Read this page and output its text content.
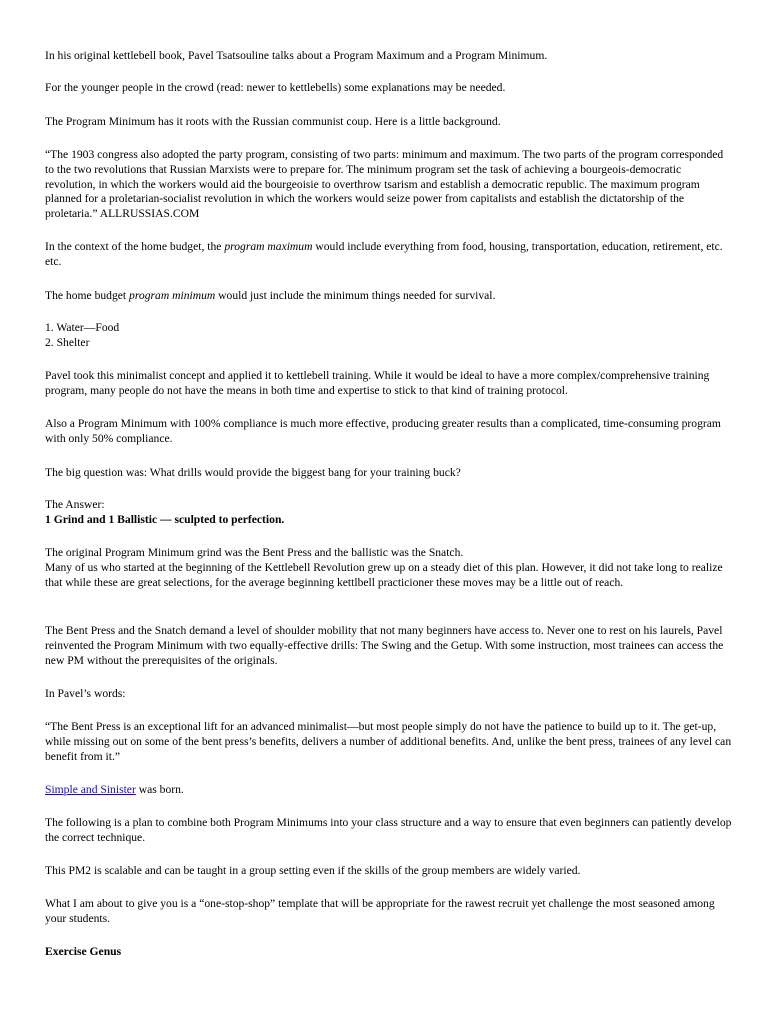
In his original kettlebell book, Pavel Tsatsouline talks about a Program Maximum and a Program Minimum.

For the younger people in the crowd (read: newer to kettlebells) some explanations may be needed.

The Program Minimum has it roots with the Russian communist coup. Here is a little background.

“The 1903 congress also adopted the party program, consisting of two parts: minimum and maximum. The two parts of the program corresponded to the two revolutions that Russian Marxists were to prepare for. The minimum program set the task of achieving a bourgeois-democratic revolution, in which the workers would aid the bourgeoisie to overthrow tsarism and establish a democratic republic. The maximum program planned for a proletarian-socialist revolution in which the workers would seize power from capitalists and establish the dictatorship of the proletaria.” ALLRUSSIAS.COM

In the context of the home budget, the program maximum would include everything from food, housing, transportation, education, retirement, etc. etc.

The home budget program minimum would just include the minimum things needed for survival.

1. Water—Food
2. Shelter

Pavel took this minimalist concept and applied it to kettlebell training. While it would be ideal to have a more complex/comprehensive training program, many people do not have the means in both time and expertise to stick to that kind of training protocol.

Also a Program Minimum with 100% compliance is much more effective, producing greater results than a complicated, time-consuming program with only 50% compliance.

The big question was: What drills would provide the biggest bang for your training buck?

The Answer:
1 Grind and 1 Ballistic — sculpted to perfection.
The original Program Minimum grind was the Bent Press and the ballistic was the Snatch.
Many of us who started at the beginning of the Kettlebell Revolution grew up on a steady diet of this plan. However, it did not take long to realize that while these are great selections, for the average beginning kettlbell practicioner these moves may be a little out of reach.

The Bent Press and the Snatch demand a level of shoulder mobility that not many beginners have access to. Never one to rest on his laurels, Pavel reinvented the Program Minimum with two equally-effective drills: The Swing and the Getup. With some instruction, most trainees can access the new PM without the prerequisites of the originals.

In Pavel’s words:

“The Bent Press is an exceptional lift for an advanced minimalist—but most people simply do not have the patience to build up to it. The get-up, while missing out on some of the bent press’s benefits, delivers a number of additional benefits. And, unlike the bent press, trainees of any level can benefit from it.”

Simple and Sinister was born.

The following is a plan to combine both Program Minimums into your class structure and a way to ensure that even beginners can patiently develop the correct technique.

This PM2 is scalable and can be taught in a group setting even if the skills of the group members are widely varied.

What I am about to give you is a “one-stop-shop” template that will be appropriate for the rawest recruit yet challenge the most seasoned among your students.

Exercise Genus
